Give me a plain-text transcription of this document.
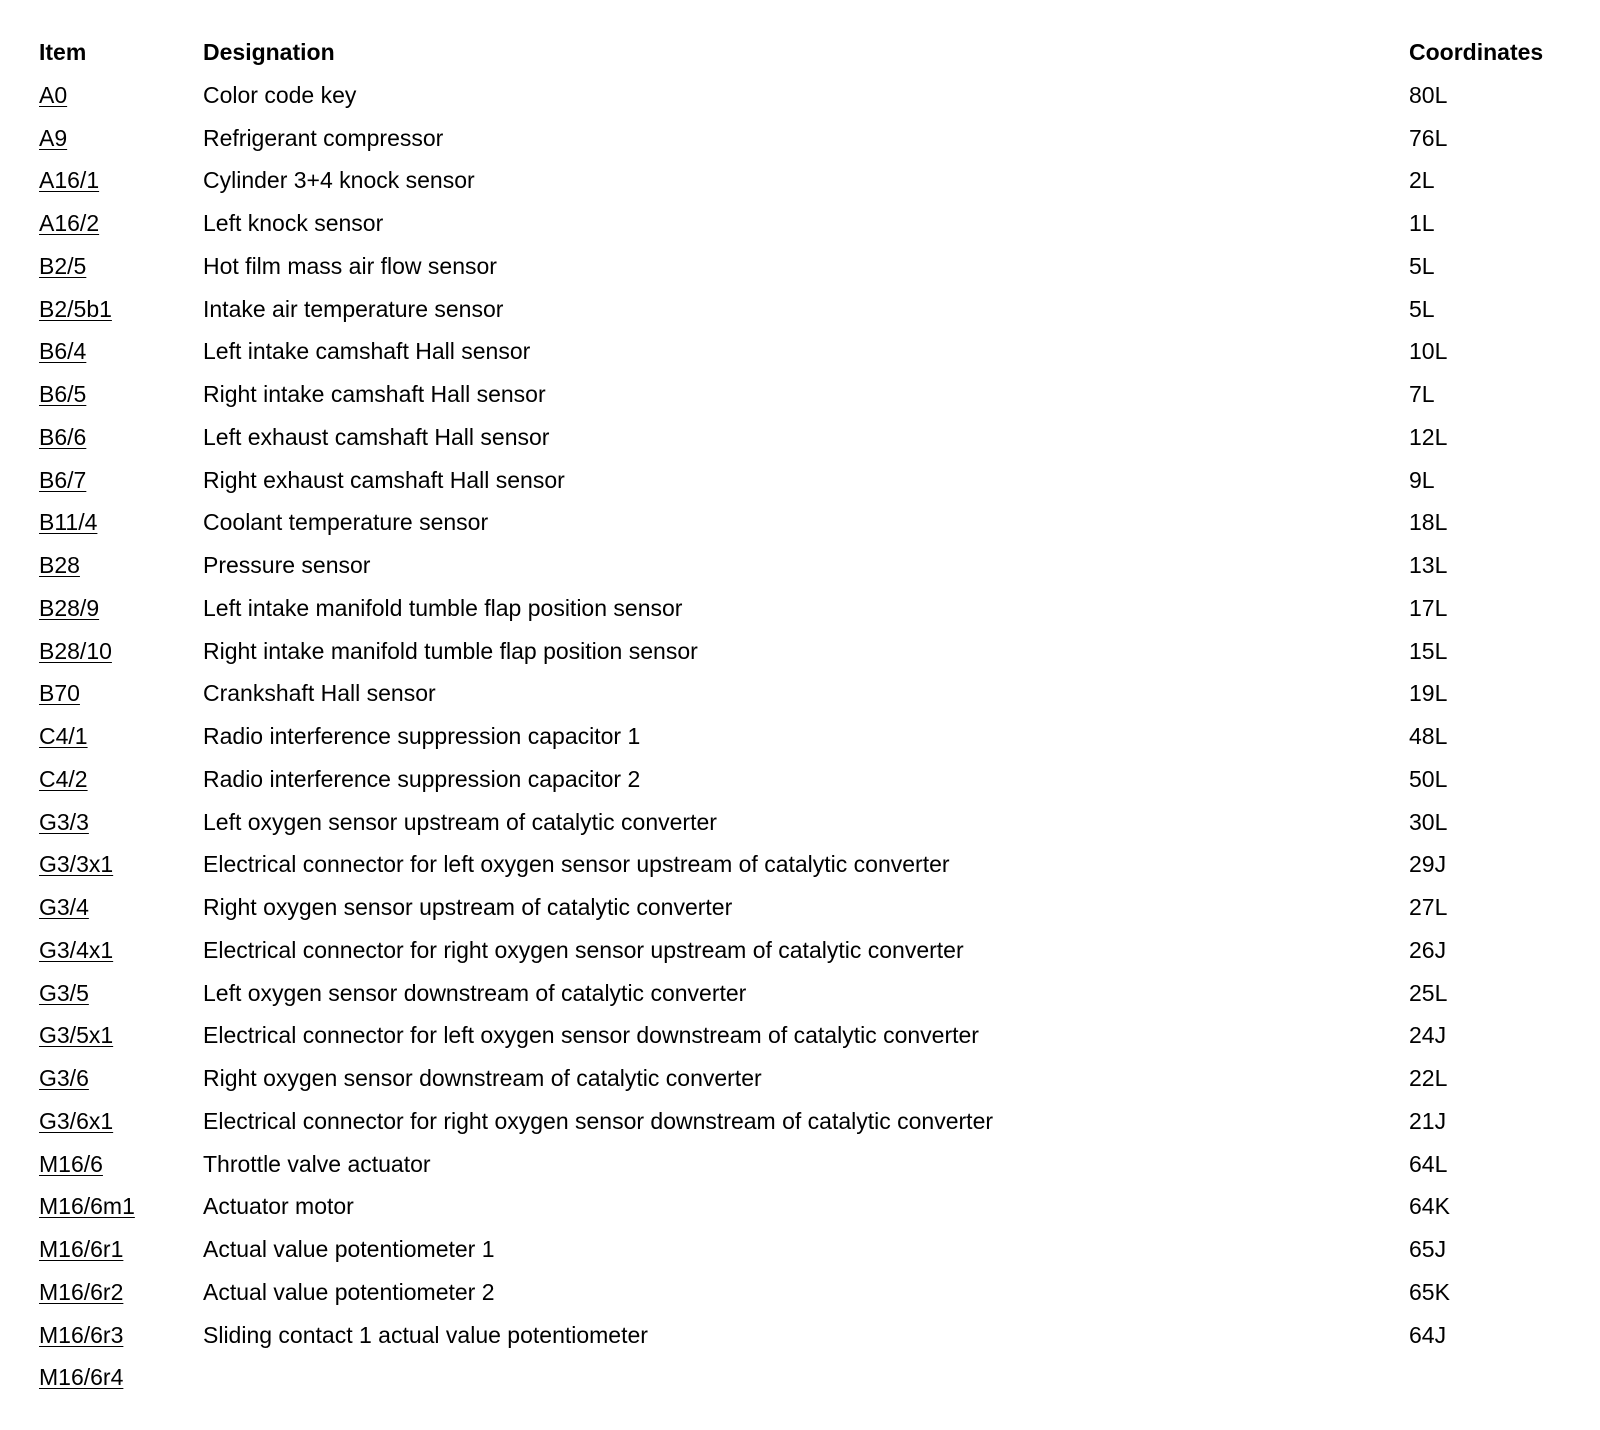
Item	Designation	Coordinates
A0	Color code key	80L
A9	Refrigerant compressor	76L
A16/1	Cylinder 3+4 knock sensor	2L
A16/2	Left knock sensor	1L
B2/5	Hot film mass air flow sensor	5L
B2/5b1	Intake air temperature sensor	5L
B6/4	Left intake camshaft Hall sensor	10L
B6/5	Right intake camshaft Hall sensor	7L
B6/6	Left exhaust camshaft Hall sensor	12L
B6/7	Right exhaust camshaft Hall sensor	9L
B11/4	Coolant temperature sensor	18L
B28	Pressure sensor	13L
B28/9	Left intake manifold tumble flap position sensor	17L
B28/10	Right intake manifold tumble flap position sensor	15L
B70	Crankshaft Hall sensor	19L
C4/1	Radio interference suppression capacitor 1	48L
C4/2	Radio interference suppression capacitor 2	50L
G3/3	Left oxygen sensor upstream of catalytic converter	30L
G3/3x1	Electrical connector for left oxygen sensor upstream of catalytic converter	29J
G3/4	Right oxygen sensor upstream of catalytic converter	27L
G3/4x1	Electrical connector for right oxygen sensor upstream of catalytic converter	26J
G3/5	Left oxygen sensor downstream of catalytic converter	25L
G3/5x1	Electrical connector for left oxygen sensor downstream of catalytic converter	24J
G3/6	Right oxygen sensor downstream of catalytic converter	22L
G3/6x1	Electrical connector for right oxygen sensor downstream of catalytic converter	21J
M16/6	Throttle valve actuator	64L
M16/6m1	Actuator motor	64K
M16/6r1	Actual value potentiometer 1	65J
M16/6r2	Actual value potentiometer 2	65K
M16/6r3	Sliding contact 1 actual value potentiometer	64J
M16/6r4
